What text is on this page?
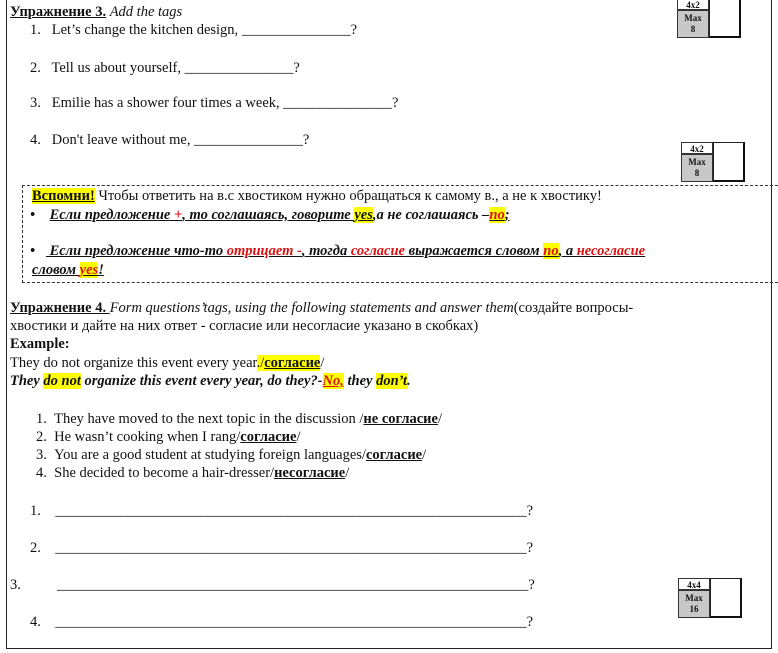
Упражнение 3. Add the tags
1. Let’s change the kitchen design, _______________?
2. Tell us about yourself, _______________?
3. Emilie has a shower four times a week, _______________?
4. Don't leave without me, _______________?
4x2
Max
8
4x2
Max
8
4x4
Max
16
Вспомни! Чтобы ответить на в.с хвостиком нужно обращаться к самому в., а не к хвостику!
• Если предложение +, то соглашаясь, говорите yes,а не соглашаясь –no;
•    Если предложение что-то отрицает -, тогда согласие выражается словом no, а несогласие
словом yes!
Упражнение 4. Form questions’tags, using the following statements and answer them(создайте вопросы-
хвостики и дайте на них ответ - согласие или несогласие указано в скобках)
Example:
They do not organize this event every year./согласие/
They do not organize this event every year, do they?-No, they don’t.
1. They have moved to the next topic in the discussion /не согласие/
2. He wasn’t cooking when I rang/согласие/
3. You are a good student at studying foreign languages/согласие/
4. She decided to become a hair-dresser/несогласие/
1. _________________________________________________________________?
2. _________________________________________________________________?
3.	_________________________________________________________________?
4. _________________________________________________________________?
